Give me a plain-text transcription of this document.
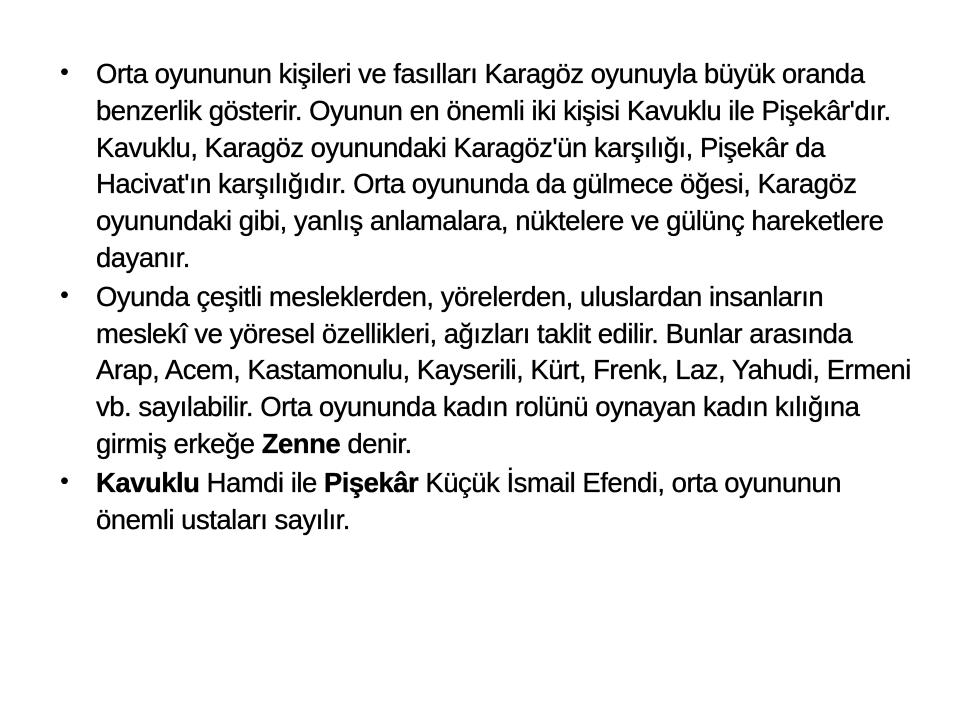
• Orta oyununun kişileri ve fasılları Karagöz oyunuyla büyük oranda benzerlik gösterir. Oyunun en önemli iki kişisi Kavuklu ile Pişekâr'dır. Kavuklu, Karagöz oyunundaki Karagöz'ün karşılığı, Pişekâr da Hacivat'ın karşılığıdır. Orta oyununda da gülmece öğesi, Karagöz oyunundaki gibi, yanlış anlamalara, nüktelere ve gülünç hareketlere dayanır.
• Oyunda çeşitli mesleklerden, yörelerden, uluslardan insanların meslekî ve yöresel özellikleri, ağızları taklit edilir. Bunlar arasında Arap, Acem, Kastamonulu, Kayserili, Kürt, Frenk, Laz, Yahudi, Ermeni vb. sayılabilir. Orta oyununda kadın rolünü oynayan kadın kılığına girmiş erkeğe Zenne denir.
• Kavuklu Hamdi ile Pişekâr Küçük İsmail Efendi, orta oyununun önemli ustaları sayılır.
